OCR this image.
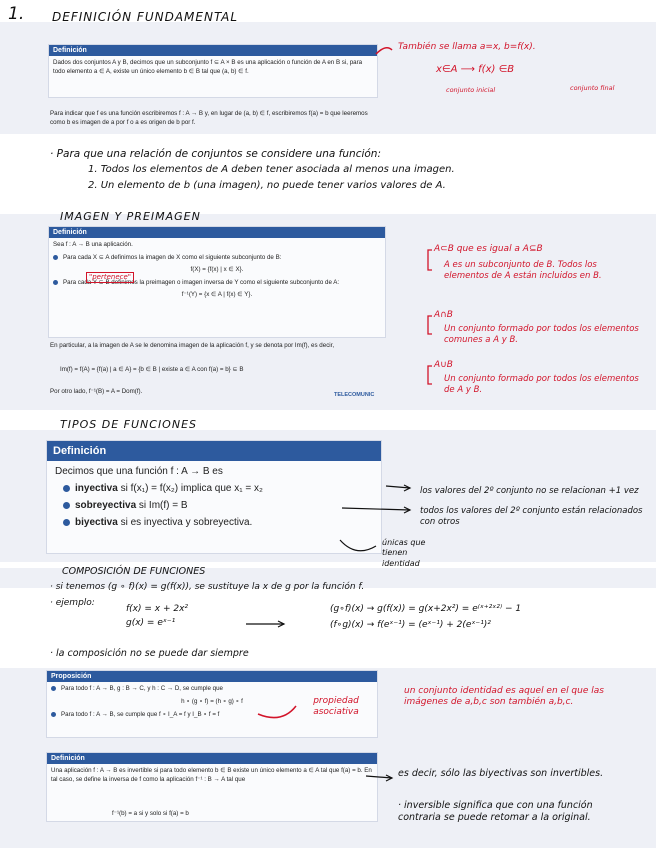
1. DEFINICIÓN FUNDAMENTAL
Definición
Dados dos conjuntos A y B, decimos que un subconjunto f ⊆ A × B es una aplicación o función de A en B si, para todo elemento a ∈ A, existe un único elemento b ∈ B tal que (a, b) ∈ f.
Para indicar que f es una función escribiremos f : A → B y, en lugar de (a, b) ∈ f, escribiremos f(a) = b que leeremos como b es imagen de a por f o a es origen de b por f.
También se llama a=x, b=f(x).
x∈A ⟶ f(x) ∈B
conjunto inicial	conjunto final
· Para que una relación de conjuntos se considere una función:
1. Todos los elementos de A deben tener asociada al menos una imagen.
2. Un elemento de b (una imagen), no puede tener varios valores de A.
IMAGEN Y PREIMAGEN
Definición
Sea f : A → B una aplicación.
Para cada X ⊆ A definimos la imagen de X como el siguiente subconjunto de B:
f(X) = {f(x) | x ∈ X}.
Para cada Y ⊆ B definimos la preimagen o imagen inversa de Y como el siguiente subconjunto de A:
f⁻¹(Y) = {x ∈ A | f(x) ∈ Y}.
"pertenece"
En particular, a la imagen de A se le denomina imagen de la aplicación f, y se denota por Im(f), es decir,
Im(f) = f(A) = {f(a) | a ∈ A} = {b ∈ B | existe a ∈ A con f(a) = b} ⊆ B
Por otro lado, f⁻¹(B) = A = Dom(f).	TELECOMUNIC
A⊂B que es igual a A⊆B
A es un subconjunto de B. Todos los elementos de A están incluidos en B.
A∩B
Un conjunto formado por todos los elementos comunes a A y B.
A∪B
Un conjunto formado por todos los elementos de A y B.
TIPOS DE FUNCIONES
Definición
Decimos que una función f : A → B es
inyectiva si f(x₁) = f(x₂) implica que x₁ = x₂
sobreyectiva si Im(f) = B
biyectiva si es inyectiva y sobreyectiva.
los valores del 2º conjunto no se relacionan +1 vez
todos los valores del 2º conjunto están relacionados con otros
únicas que tienen identidad
COMPOSICIÓN DE FUNCIONES
· si tenemos (g ∘ f)(x) = g(f(x)), se sustituye la x de g por la función f.
· ejemplo:
f(x) = x + 2x²
g(x) = eˣ⁻¹
(g∘f)(x) → g(f(x)) = g(x+2x²) = e⁽ˣ⁺²ˣ²⁾ − 1
(f∘g)(x) → f(eˣ⁻¹) = (eˣ⁻¹) + 2(eˣ⁻¹)²
· la composición no se puede dar siempre
Proposición
Para todo f : A → B, g : B → C, y h : C → D, se cumple que
h ∘ (g ∘ f) = (h ∘ g) ∘ f
Para todo f : A → B, se cumple que f ∘ I_A = f y I_B ∘ f = f
propiedad asociativa
un conjunto identidad es aquel en el que las imágenes de a,b,c son también a,b,c.
Definición
Una aplicación f : A → B es invertible si para todo elemento b ∈ B existe un único elemento a ∈ A tal que f(a) = b. En tal caso, se define la inversa de f como la aplicación f⁻¹ : B → A tal que
f⁻¹(b) = a si y solo si f(a) = b
es decir, sólo las biyectivas son invertibles.
· inversible significa que con una función contraria se puede retomar a la original.
